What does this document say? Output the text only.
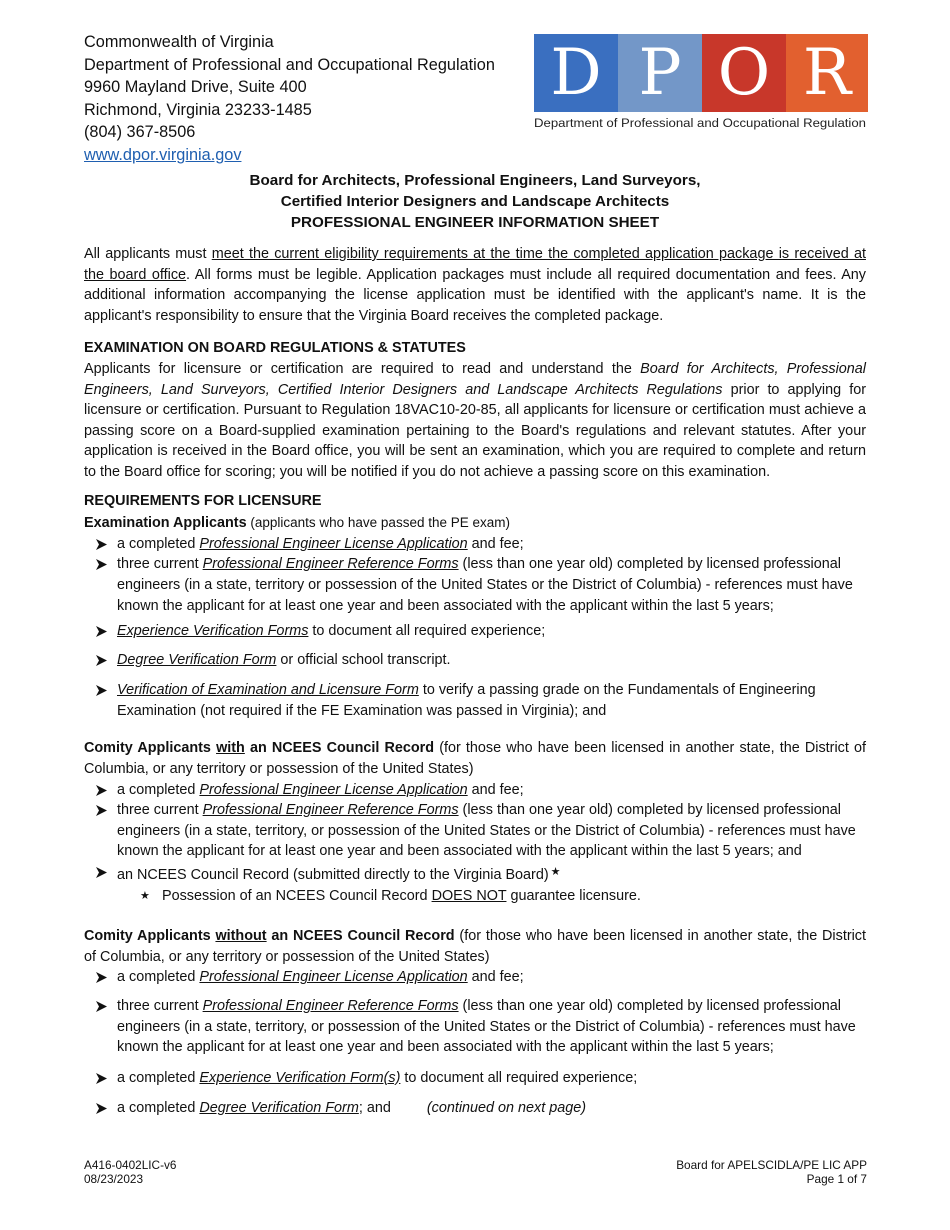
Commonwealth of Virginia
Department of Professional and Occupational Regulation
9960 Mayland Drive, Suite 400
Richmond, Virginia 23233-1485
(804) 367-8506
www.dpor.virginia.gov
D P O R
Department of Professional and Occupational Regulation
Board for Architects, Professional Engineers, Land Surveyors,
Certified Interior Designers and Landscape Architects
PROFESSIONAL ENGINEER INFORMATION SHEET

All applicants must meet the current eligibility requirements at the time the completed application package is received at the board office. All forms must be legible. Application packages must include all required documentation and fees. Any additional information accompanying the license application must be identified with the applicant's name. It is the applicant's responsibility to ensure that the Virginia Board receives the completed package.

EXAMINATION ON BOARD REGULATIONS & STATUTES

Applicants for licensure or certification are required to read and understand the Board for Architects, Professional Engineers, Land Surveyors, Certified Interior Designers and Landscape Architects Regulations prior to applying for licensure or certification. Pursuant to Regulation 18VAC10-20-85, all applicants for licensure or certification must achieve a passing score on a Board-supplied examination pertaining to the Board's regulations and relevant statutes. After your application is received in the Board office, you will be sent an examination, which you are required to complete and return to the Board office for scoring; you will be notified if you do not achieve a passing score on this examination.

REQUIREMENTS FOR LICENSURE

Examination Applicants (applicants who have passed the PE exam)

a completed Professional Engineer License Application and fee;
three current Professional Engineer Reference Forms (less than one year old) completed by licensed professional engineers (in a state, territory or possession of the United States or the District of Columbia) - references must have known the applicant for at least one year and been associated with the applicant within the last 5 years;
Experience Verification Forms to document all required experience;
Degree Verification Form or official school transcript.
Verification of Examination and Licensure Form to verify a passing grade on the Fundamentals of Engineering Examination (not required if the FE Examination was passed in Virginia); and

Comity Applicants with an NCEES Council Record (for those who have been licensed in another state, the District of Columbia, or any territory or possession of the United States)

a completed Professional Engineer License Application and fee;
three current Professional Engineer Reference Forms (less than one year old) completed by licensed professional engineers (in a state, territory, or possession of the United States or the District of Columbia) - references must have known the applicant for at least one year and been associated with the applicant within the last 5 years; and
an NCEES Council Record (submitted directly to the Virginia Board) ★
★ Possession of an NCEES Council Record DOES NOT guarantee licensure.

Comity Applicants without an NCEES Council Record (for those who have been licensed in another state, the District of Columbia, or any territory or possession of the United States)

a completed Professional Engineer License Application and fee;
three current Professional Engineer Reference Forms (less than one year old) completed by licensed professional engineers (in a state, territory, or possession of the United States or the District of Columbia) - references must have known the applicant for at least one year and been associated with the applicant within the last 5 years;
a completed Experience Verification Form(s) to document all required experience;
a completed Degree Verification Form; and	(continued on next page)
A416-0402LIC-v6
08/23/2023
Board for APELSCIDLA/PE LIC APP
Page 1 of 7
